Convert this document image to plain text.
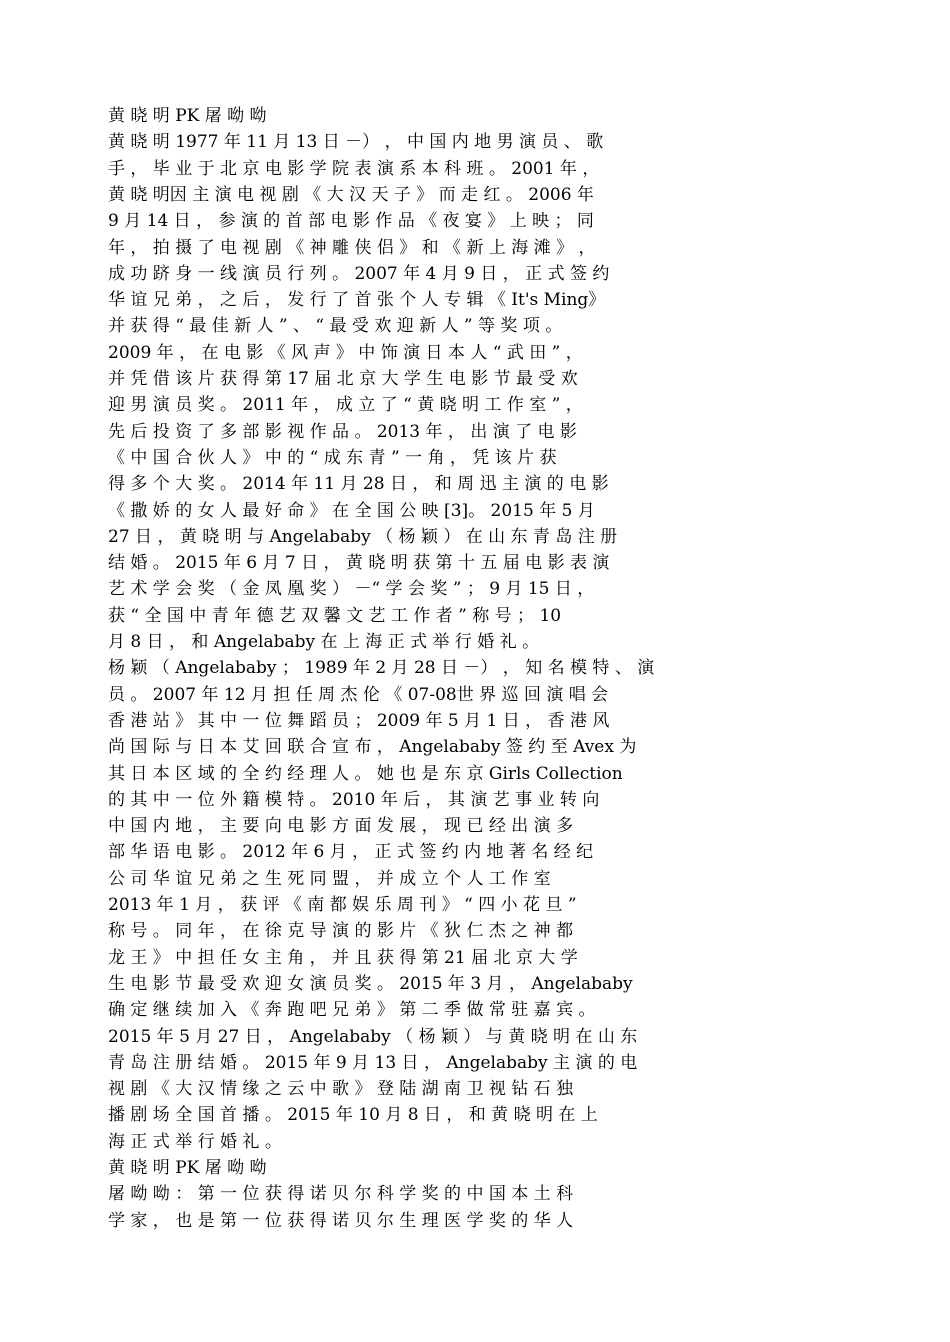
黄 晓 明 PK 屠 呦 呦
黄 晓 明 1977 年 11 月 13 日 －） ， 中 国 内 地 男 演 员 、 歌
手 ， 毕 业 于 北 京 电 影 学 院 表 演 系 本 科 班 。 2001 年 ，
黄 晓 明因 主 演 电 视 剧 《 大 汉 天 子 》 而 走 红 。 2006 年
9 月 14 日 ， 参 演 的 首 部 电 影 作 品 《 夜 宴 》 上 映 ； 同
年 ， 拍 摄 了 电 视 剧 《 神 雕 侠 侣 》 和 《 新 上 海 滩 》 ，
成 功 跻 身 一 线 演 员 行 列 。 2007 年 4 月 9 日 ， 正 式 签 约
华 谊 兄 弟 ， 之 后 ， 发 行 了 首 张 个 人 专 辑 《 It's Ming》
并 获 得 “ 最 佳 新 人 ” 、 “ 最 受 欢 迎 新 人 ” 等 奖 项 。
2009 年 ， 在 电 影 《 风 声 》 中 饰 演 日 本 人 “ 武 田 ” ，
并 凭 借 该 片 获 得 第 17 届 北 京 大 学 生 电 影 节 最 受 欢
迎 男 演 员 奖 。 2011 年 ， 成 立 了 “ 黄 晓 明 工 作 室 ” ，
先 后 投 资 了 多 部 影 视 作 品 。 2013 年 ， 出 演 了 电 影
《 中 国 合 伙 人 》 中 的 “ 成 东 青 ” 一 角 ， 凭 该 片 获
得 多 个 大 奖 。 2014 年 11 月 28 日 ， 和 周 迅 主 演 的 电 影
《 撒 娇 的 女 人 最 好 命 》 在 全 国 公 映 [3]。 2015 年 5 月
27 日 ， 黄 晓 明 与 Angelababy （ 杨 颖 ） 在 山 东 青 岛 注 册
结 婚 。 2015 年 6 月 7 日 ， 黄 晓 明 获 第 十 五 届 电 影 表 演
艺 术 学 会 奖 （ 金 凤 凰 奖 ） －“ 学 会 奖 ” ； 9 月 15 日 ，
获 “ 全 国 中 青 年 德 艺 双 馨 文 艺 工 作 者 ” 称 号 ； 10
月 8 日 ， 和 Angelababy 在 上 海 正 式 举 行 婚 礼 。
杨 颖 （ Angelababy ； 1989 年 2 月 28 日 －） ， 知 名 模 特 、 演
员 。 2007 年 12 月 担 任 周 杰 伦 《 07-08世 界 巡 回 演 唱 会
香 港 站 》 其 中 一 位 舞 蹈 员 ； 2009 年 5 月 1 日 ， 香 港 风
尚 国 际 与 日 本 艾 回 联 合 宣 布 ， Angelababy 签 约 至 Avex 为
其 日 本 区 域 的 全 约 经 理 人 。 她 也 是 东 京 Girls Collection
的 其 中 一 位 外 籍 模 特 。 2010 年 后 ， 其 演 艺 事 业 转 向
中 国 内 地 ， 主 要 向 电 影 方 面 发 展 ， 现 已 经 出 演 多
部 华 语 电 影 。 2012 年 6 月 ， 正 式 签 约 内 地 著 名 经 纪
公 司 华 谊 兄 弟 之 生 死 同 盟 ， 并 成 立 个 人 工 作 室
2013 年 1 月 ， 获 评 《 南 都 娱 乐 周 刊 》 “ 四 小 花 旦 ”
称 号 。 同 年 ， 在 徐 克 导 演 的 影 片 《 狄 仁 杰 之 神 都
龙 王 》 中 担 任 女 主 角 ， 并 且 获 得 第 21 届 北 京 大 学
生 电 影 节 最 受 欢 迎 女 演 员 奖 。 2015 年 3 月 ， Angelababy
确 定 继 续 加 入 《 奔 跑 吧 兄 弟 》 第 二 季 做 常 驻 嘉 宾 。
2015 年 5 月 27 日 ， Angelababy （ 杨 颖 ） 与 黄 晓 明 在 山 东
青 岛 注 册 结 婚 。 2015 年 9 月 13 日 ， Angelababy 主 演 的 电
视 剧 《 大 汉 情 缘 之 云 中 歌 》 登 陆 湖 南 卫 视 钻 石 独
播 剧 场 全 国 首 播 。 2015 年 10 月 8 日 ， 和 黄 晓 明 在 上
海 正 式 举 行 婚 礼 。
黄 晓 明 PK 屠 呦 呦
屠 呦 呦 ： 第 一 位 获 得 诺 贝 尔 科 学 奖 的 中 国 本 土 科
学 家 ， 也 是 第 一 位 获 得 诺 贝 尔 生 理 医 学 奖 的 华 人
